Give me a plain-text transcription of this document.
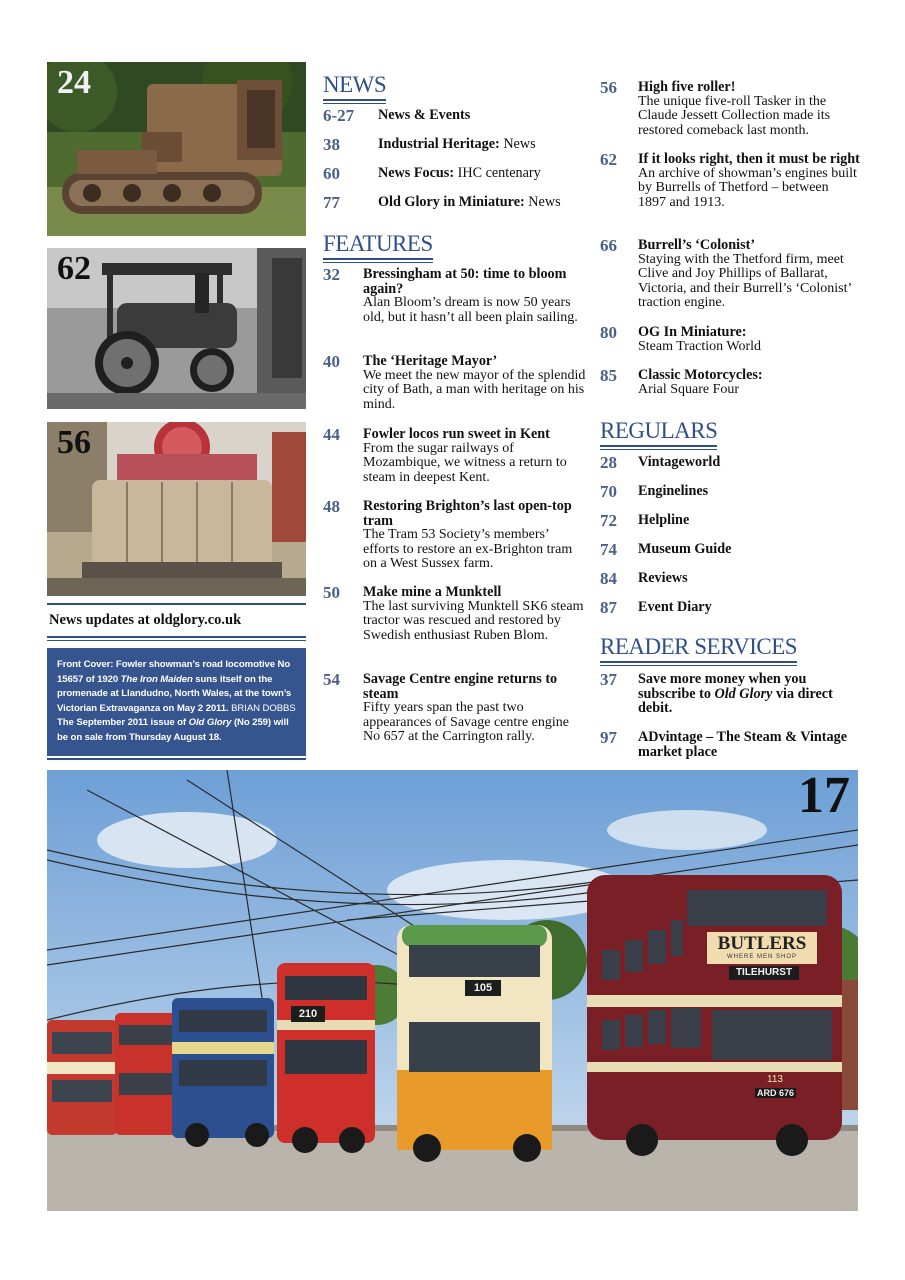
24
62
56
News updates at oldglory.co.uk
Front Cover: Fowler showman’s road locomotive No 15657 of 1920 The Iron Maiden suns itself on the promenade at Llandudno, North Wales, at the town’s Victorian Extravaganza on May 2 2011. BRIAN DOBBS The September 2011 issue of Old Glory (No 259) will be on sale from Thursday August 18.
NEWS
6-27 News & Events
38	Industrial Heritage: News
60	News Focus: IHC centenary
77	Old Glory in Miniature: News
FEATURES
32 Bressingham at 50: time to bloom again?
Alan Bloom’s dream is now 50 years old, but it hasn’t all been plain sailing.
40 The ‘Heritage Mayor’
We meet the new mayor of the splendid city of Bath, a man with heritage on his mind.
44 Fowler locos run sweet in Kent
From the sugar railways of Mozambique, we witness a return to steam in deepest Kent.
48 Restoring Brighton’s last open-top tram
The Tram 53 Society’s members’ efforts to restore an ex-Brighton tram on a West Sussex farm.
50 Make mine a Munktell
The last surviving Munktell SK6 steam tractor was rescued and restored by Swedish enthusiast Ruben Blom.
54 Savage Centre engine returns to steam
Fifty years span the past two appearances of Savage centre engine No 657 at the Carrington rally.
56 High five roller!
The unique five-roll Tasker in the Claude Jessett Collection made its restored comeback last month.
62 If it looks right, then it must be right
An archive of showman’s engines built by Burrells of Thetford – between 1897 and 1913.
66 Burrell’s ‘Colonist’
Staying with the Thetford firm, meet Clive and Joy Phillips of Ballarat, Victoria, and their Burrell’s ‘Colonist’ traction engine.
80 OG In Miniature:
Steam Traction World
85 Classic Motorcycles:
Arial Square Four
REGULARS
28 Vintageworld
70 Enginelines
72 Helpline
74 Museum Guide
84 Reviews
87 Event Diary
READER SERVICES
37 Save more money when you subscribe to Old Glory via direct debit.
97 ADvintage – The Steam & Vintage market place
BUTLERS
WHERE MEN SHOP
TILEHURST
105
210
113
ARD 676
17
